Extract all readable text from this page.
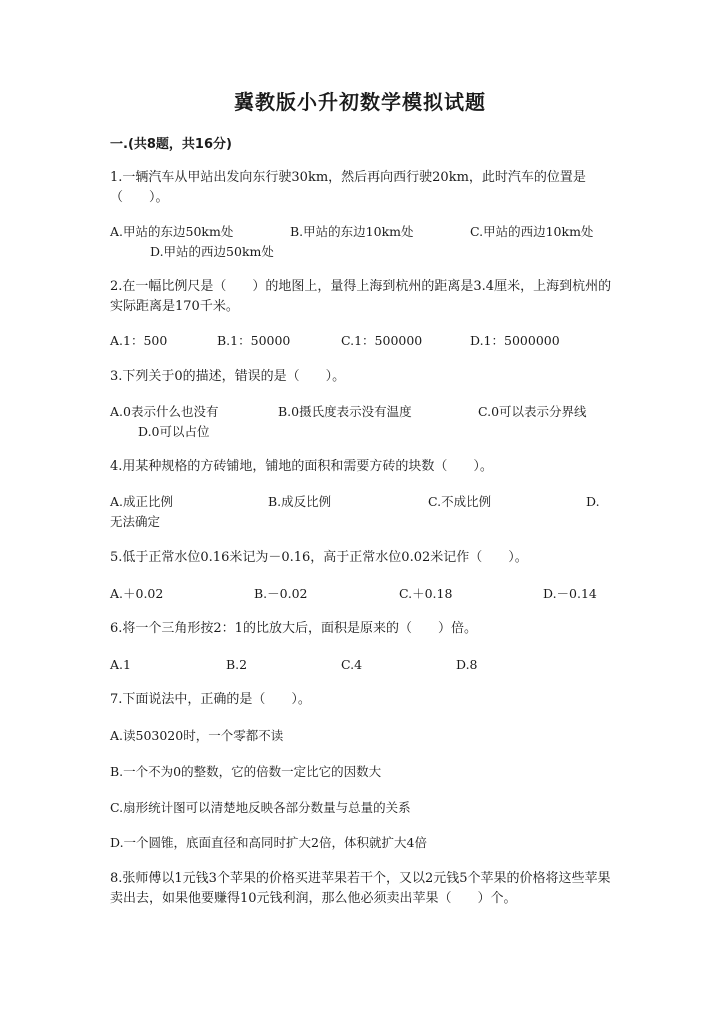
冀教版小升初数学模拟试题
一.(共8题，共16分)
1.一辆汽车从甲站出发向东行驶30km，然后再向西行驶20km，此时汽车的位置是（　　）。
A.甲站的东边50km处	B.甲站的东边10km处	C.甲站的西边10km处
D.甲站的西边50km处
2.在一幅比例尺是（　　）的地图上，量得上海到杭州的距离是3.4厘米，上海到杭州的实际距离是170千米。
A.1：500	B.1：50000	C.1：500000	D.1：5000000
3.下列关于0的描述，错误的是（　　）。
A.0表示什么也没有	B.0摄氏度表示没有温度	C.0可以表示分界线
D.0可以占位
4.用某种规格的方砖铺地，铺地的面积和需要方砖的块数（　　）。
A.成正比例	B.成反比例	C.不成比例	D.
无法确定
5.低于正常水位0.16米记为－0.16，高于正常水位0.02米记作（　　）。
A.＋0.02	B.－0.02	C.＋0.18	D.－0.14
6.将一个三角形按2：1的比放大后，面积是原来的（　　）倍。
A.1	B.2	C.4	D.8
7.下面说法中，正确的是（　　）。
A.读503020时，一个零都不读
B.一个不为0的整数，它的倍数一定比它的因数大
C.扇形统计图可以清楚地反映各部分数量与总量的关系
D.一个圆锥，底面直径和高同时扩大2倍，体积就扩大4倍
8.张师傅以1元钱3个苹果的价格买进苹果若干个，又以2元钱5个苹果的价格将这些苹果卖出去，如果他要赚得10元钱利润，那么他必须卖出苹果（　　）个。
